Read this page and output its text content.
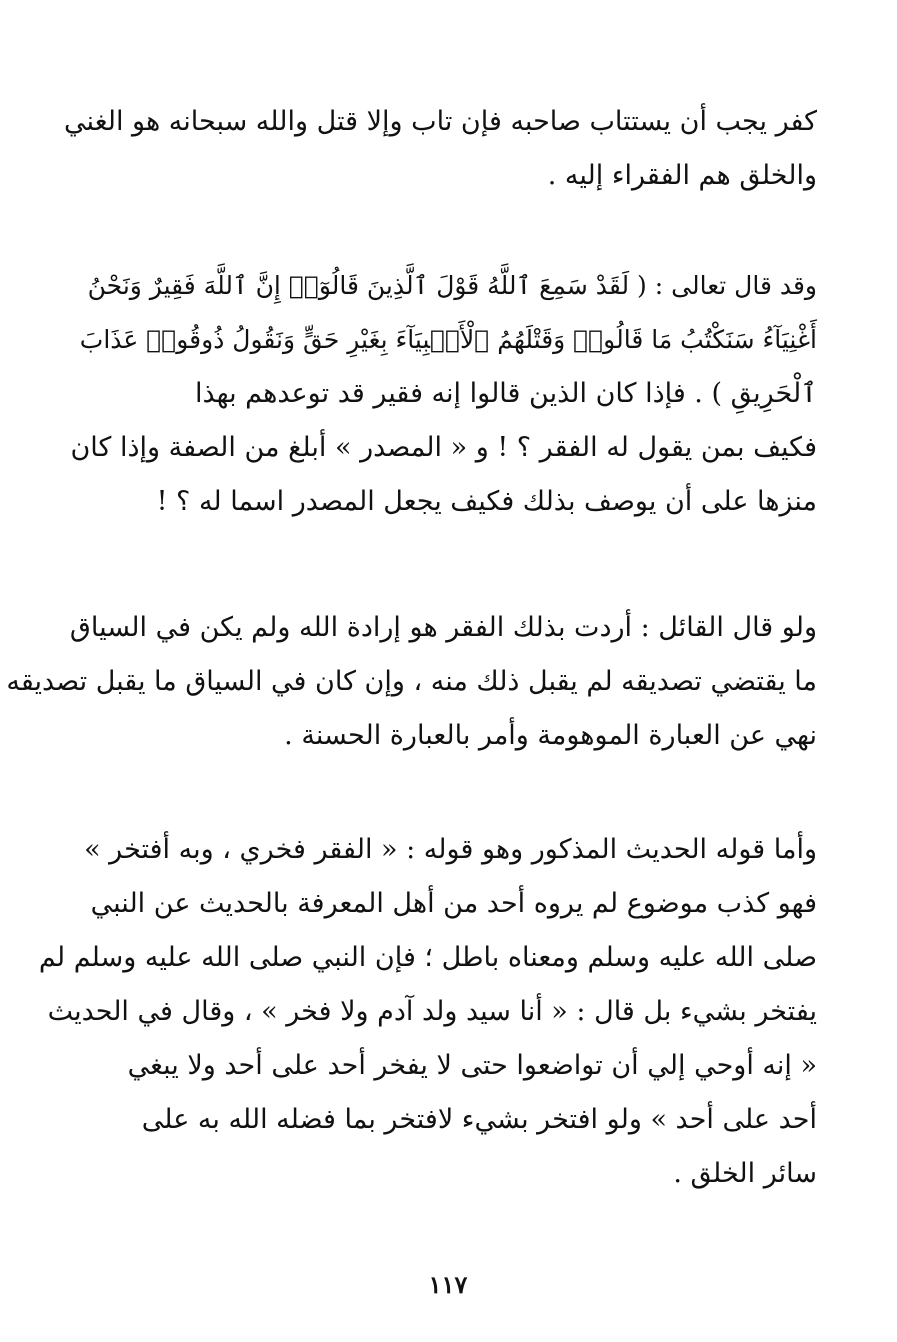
كفر يجب أن يستتاب صاحبه فإن تاب وإلا قتل والله سبحانه هو الغني
والخلق هم الفقراء إليه .
وقد قال تعالى : ( لَقَدْ سَمِعَ ٱللَّهُ قَوْلَ ٱلَّذِينَ قَالُوٓا۟ إِنَّ ٱللَّهَ فَقِيرٌ وَنَحْنُ
أَغْنِيَآءُ سَنَكْتُبُ مَا قَالُوا۟ وَقَتْلَهُمُ ٱلْأَنۢبِيَآءَ بِغَيْرِ حَقٍّ وَنَقُولُ ذُوقُوا۟ عَذَابَ
ٱلْحَرِيقِ ) . فإذا كان الذين قالوا إنه فقير قد توعدهم بهذا
فكيف بمن يقول له الفقر ؟ ! و « المصدر » أبلغ من الصفة وإذا كان
منزها على أن يوصف بذلك فكيف يجعل المصدر اسما له ؟ !
ولو قال القائل : أردت بذلك الفقر هو إرادة الله ولم يكن في السياق
ما يقتضي تصديقه لم يقبل ذلك منه ، وإن كان في السياق ما يقبل تصديقه
نهي عن العبارة الموهومة وأمر بالعبارة الحسنة .
وأما قوله الحديث المذكور وهو قوله : « الفقر فخري ، وبه أفتخر »
فهو كذب موضوع لم يروه أحد من أهل المعرفة بالحديث عن النبي
صلى الله عليه وسلم ومعناه باطل ؛ فإن النبي صلى الله عليه وسلم لم
يفتخر بشيء بل قال : « أنا سيد ولد آدم ولا فخر » ، وقال في الحديث
« إنه أوحي إلي أن تواضعوا حتى لا يفخر أحد على أحد ولا يبغي
أحد على أحد » ولو افتخر بشيء لافتخر بما فضله الله به على
سائر الخلق .
١١٧
